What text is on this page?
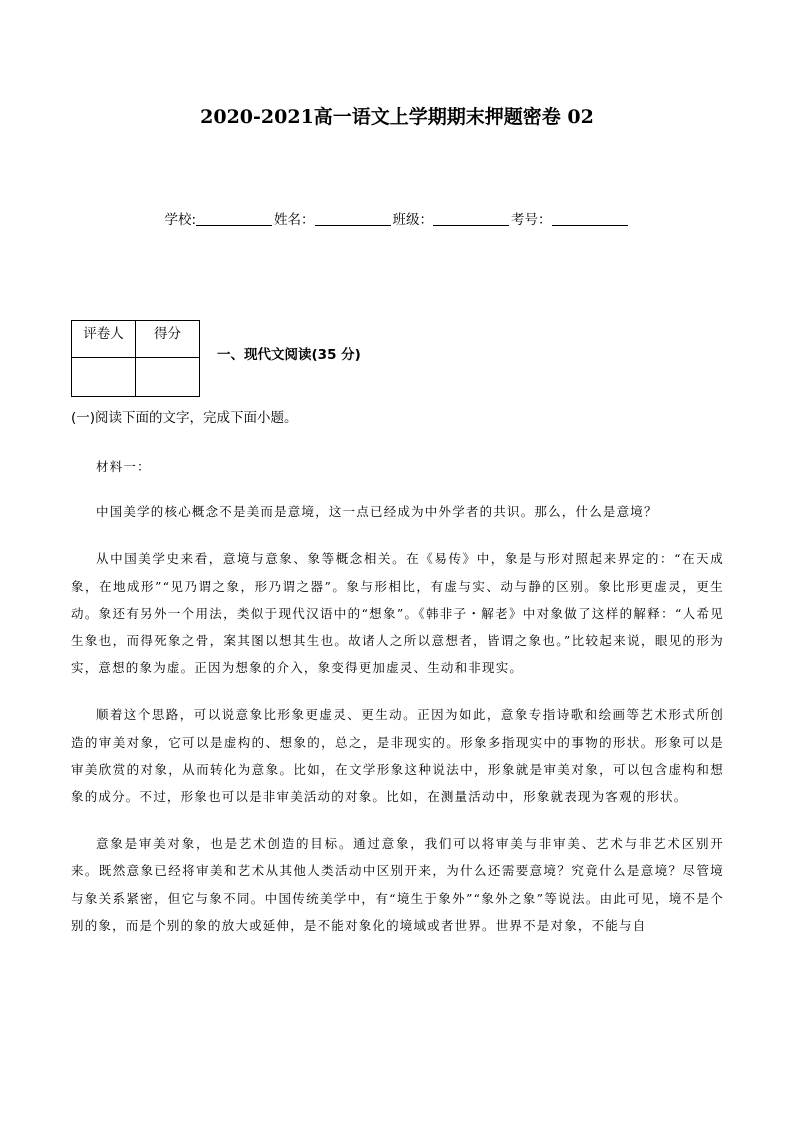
2020-2021高一语文上学期期末押题密卷 02
学校:	姓名：	班级：	考号：
评卷人	得分

一、现代文阅读(35 分)
(一)阅读下面的文字，完成下面小题。

材料一：

中国美学的核心概念不是美而是意境，这一点已经成为中外学者的共识。那么，什么是意境？

从中国美学史来看，意境与意象、象等概念相关。在《易传》中，象是与形对照起来界定的：“在天成象，在地成形”“见乃谓之象，形乃谓之器”。象与形相比，有虚与实、动与静的区别。象比形更虚灵，更生动。象还有另外一个用法，类似于现代汉语中的“想象”。《韩非子・解老》中对象做了这样的解释：“人希见生象也，而得死象之骨，案其图以想其生也。故诸人之所以意想者，皆谓之象也。”比较起来说，眼见的形为实，意想的象为虚。正因为想象的介入，象变得更加虚灵、生动和非现实。

顺着这个思路，可以说意象比形象更虚灵、更生动。正因为如此，意象专指诗歌和绘画等艺术形式所创造的审美对象，它可以是虚构的、想象的，总之，是非现实的。形象多指现实中的事物的形状。形象可以是审美欣赏的对象，从而转化为意象。比如，在文学形象这种说法中，形象就是审美对象，可以包含虚构和想象的成分。不过，形象也可以是非审美活动的对象。比如，在测量活动中，形象就表现为客观的形状。

意象是审美对象，也是艺术创造的目标。通过意象，我们可以将审美与非审美、艺术与非艺术区别开来。既然意象已经将审美和艺术从其他人类活动中区别开来，为什么还需要意境？究竟什么是意境？尽管境与象关系紧密，但它与象不同。中国传统美学中，有“境生于象外”“象外之象”等说法。由此可见，境不是个别的象，而是个别的象的放大或延伸，是不能对象化的境域或者世界。世界不是对象，不能与自
